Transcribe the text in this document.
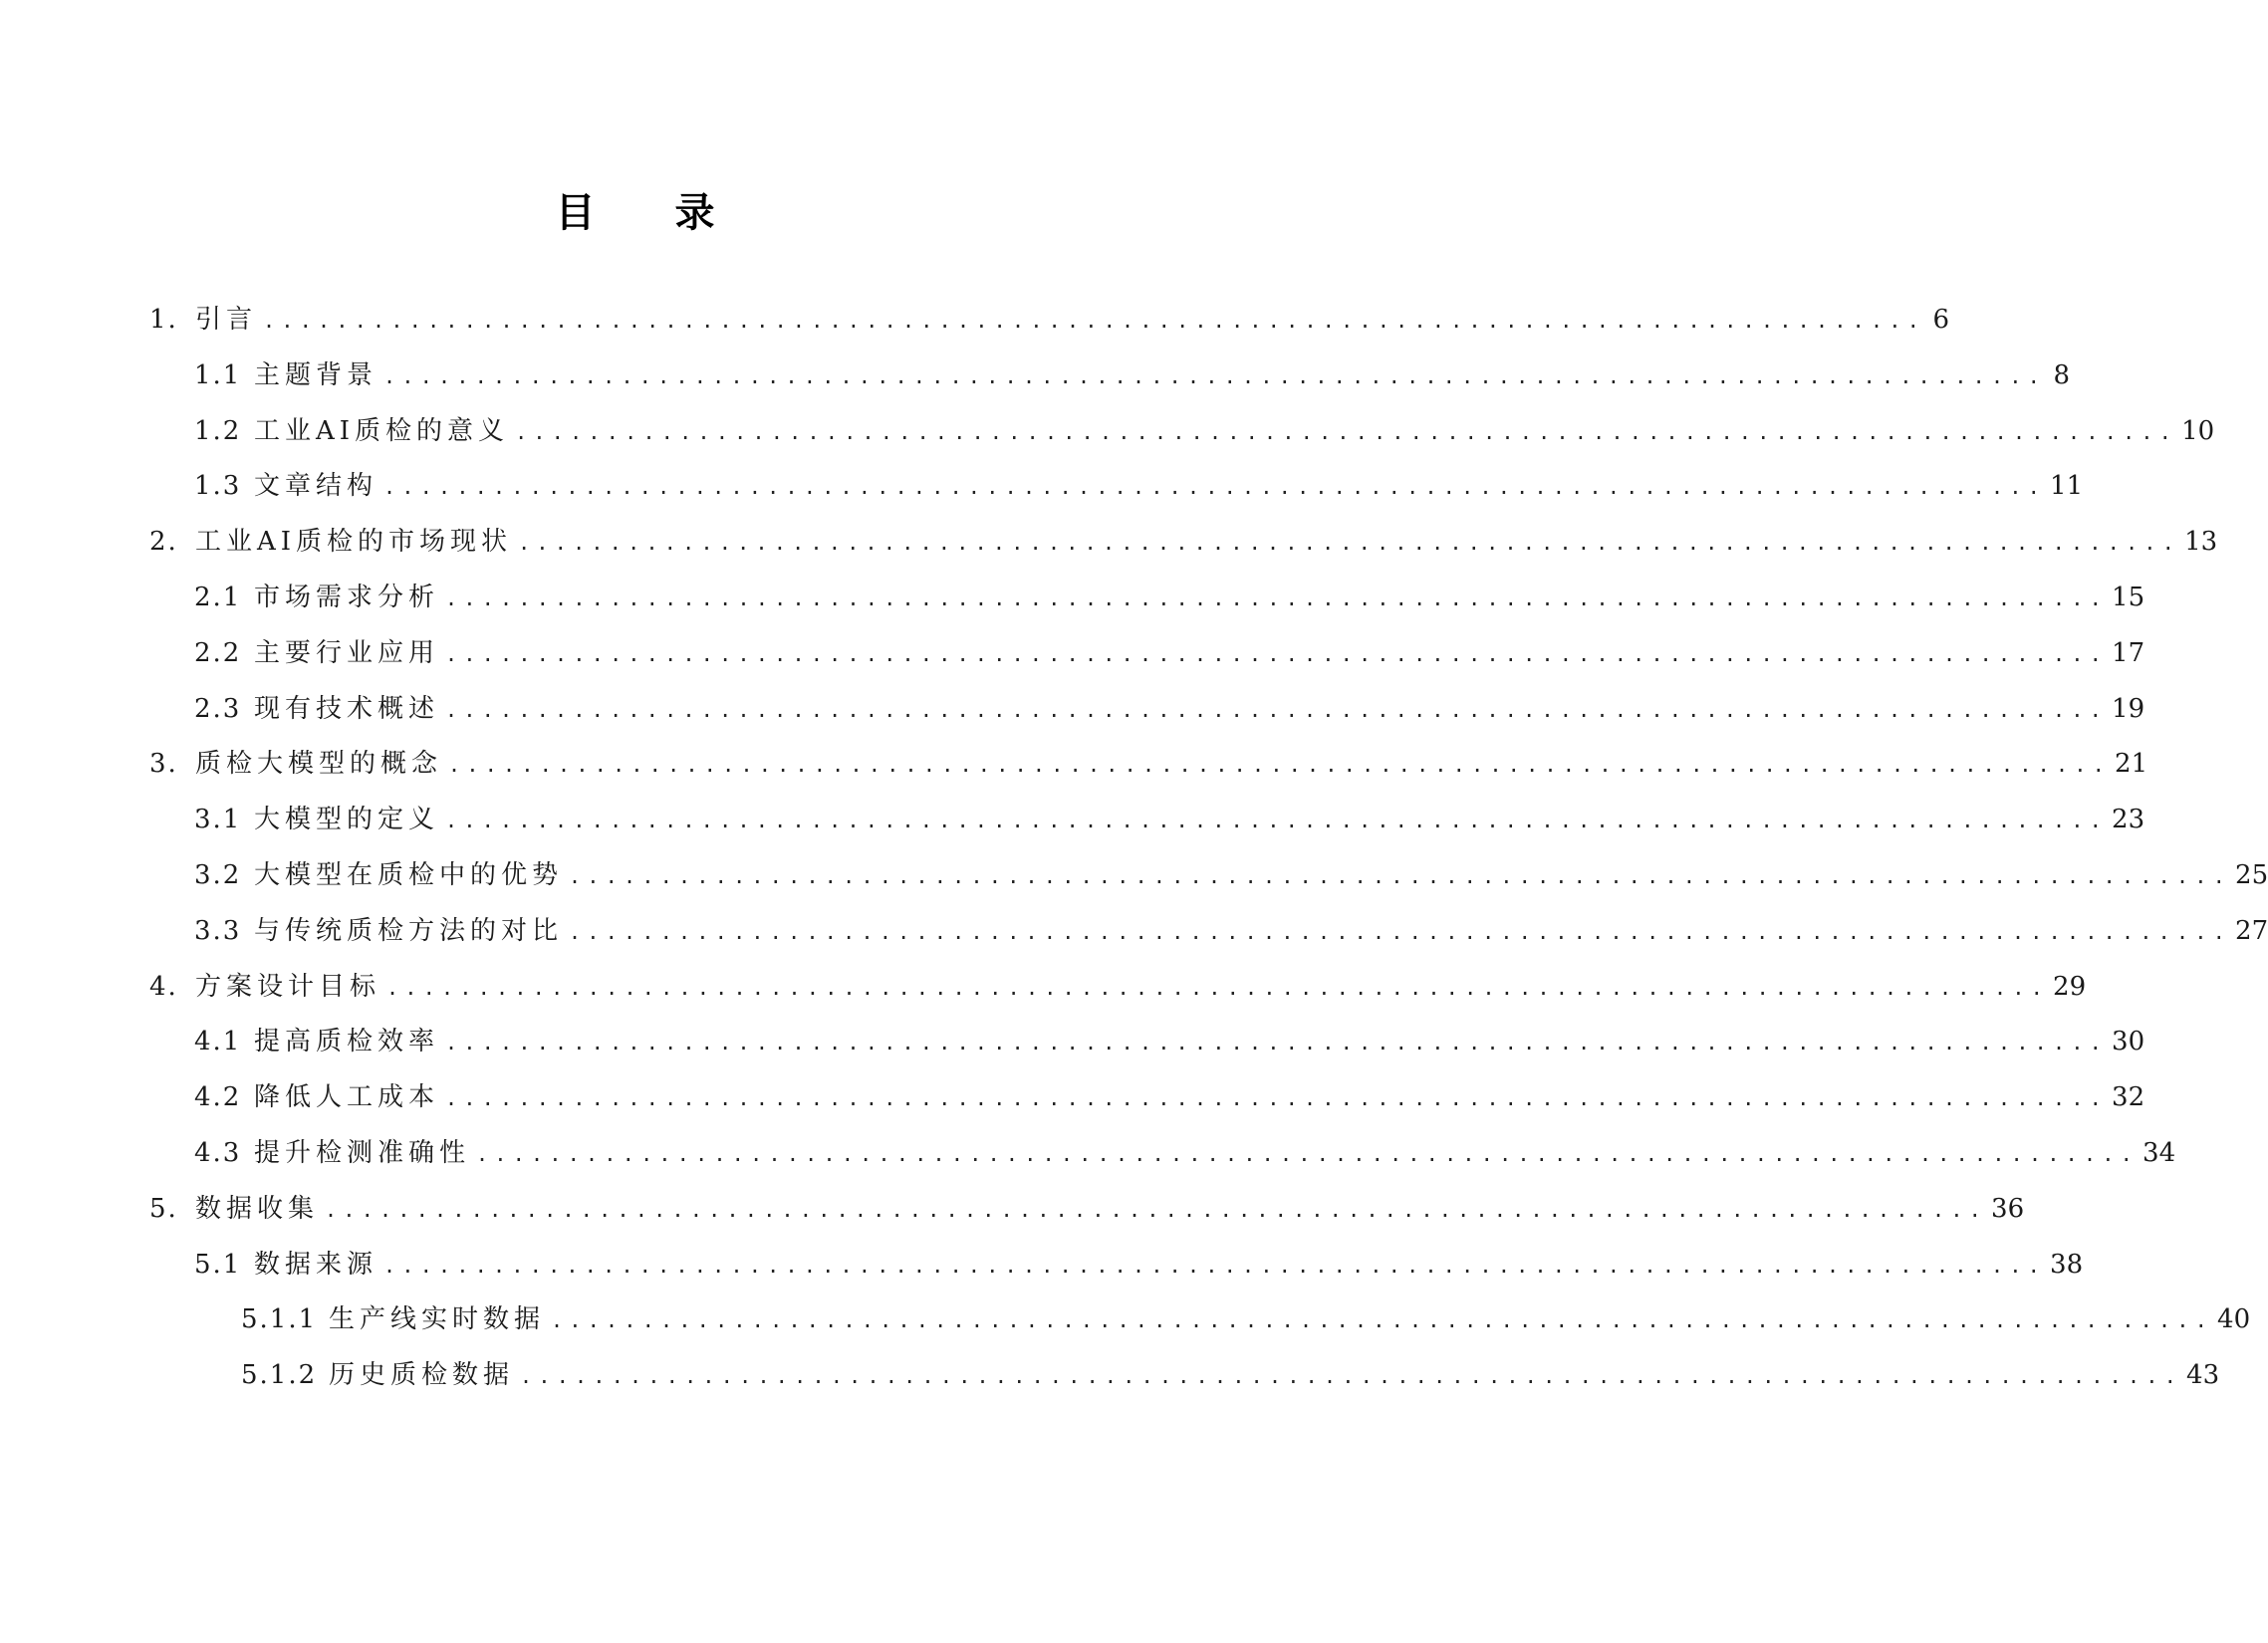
目 录
1. 引言 ........................................................................................... 6
1.1 主题背景 ........................................................................................... 8
1.2 工业AI质检的意义 ........................................................................................... 10
1.3 文章结构 ........................................................................................... 11
2. 工业AI质检的市场现状 ........................................................................................... 13
2.1 市场需求分析 ........................................................................................... 15
2.2 主要行业应用 ........................................................................................... 17
2.3 现有技术概述 ........................................................................................... 19
3. 质检大模型的概念 ........................................................................................... 21
3.1 大模型的定义 ........................................................................................... 23
3.2 大模型在质检中的优势 ........................................................................................... 25
3.3 与传统质检方法的对比 ........................................................................................... 27
4. 方案设计目标 ........................................................................................... 29
4.1 提高质检效率 ........................................................................................... 30
4.2 降低人工成本 ........................................................................................... 32
4.3 提升检测准确性 ........................................................................................... 34
5. 数据收集 ........................................................................................... 36
5.1 数据来源 ........................................................................................... 38
5.1.1 生产线实时数据 ........................................................................................... 40
5.1.2 历史质检数据 ........................................................................................... 43
